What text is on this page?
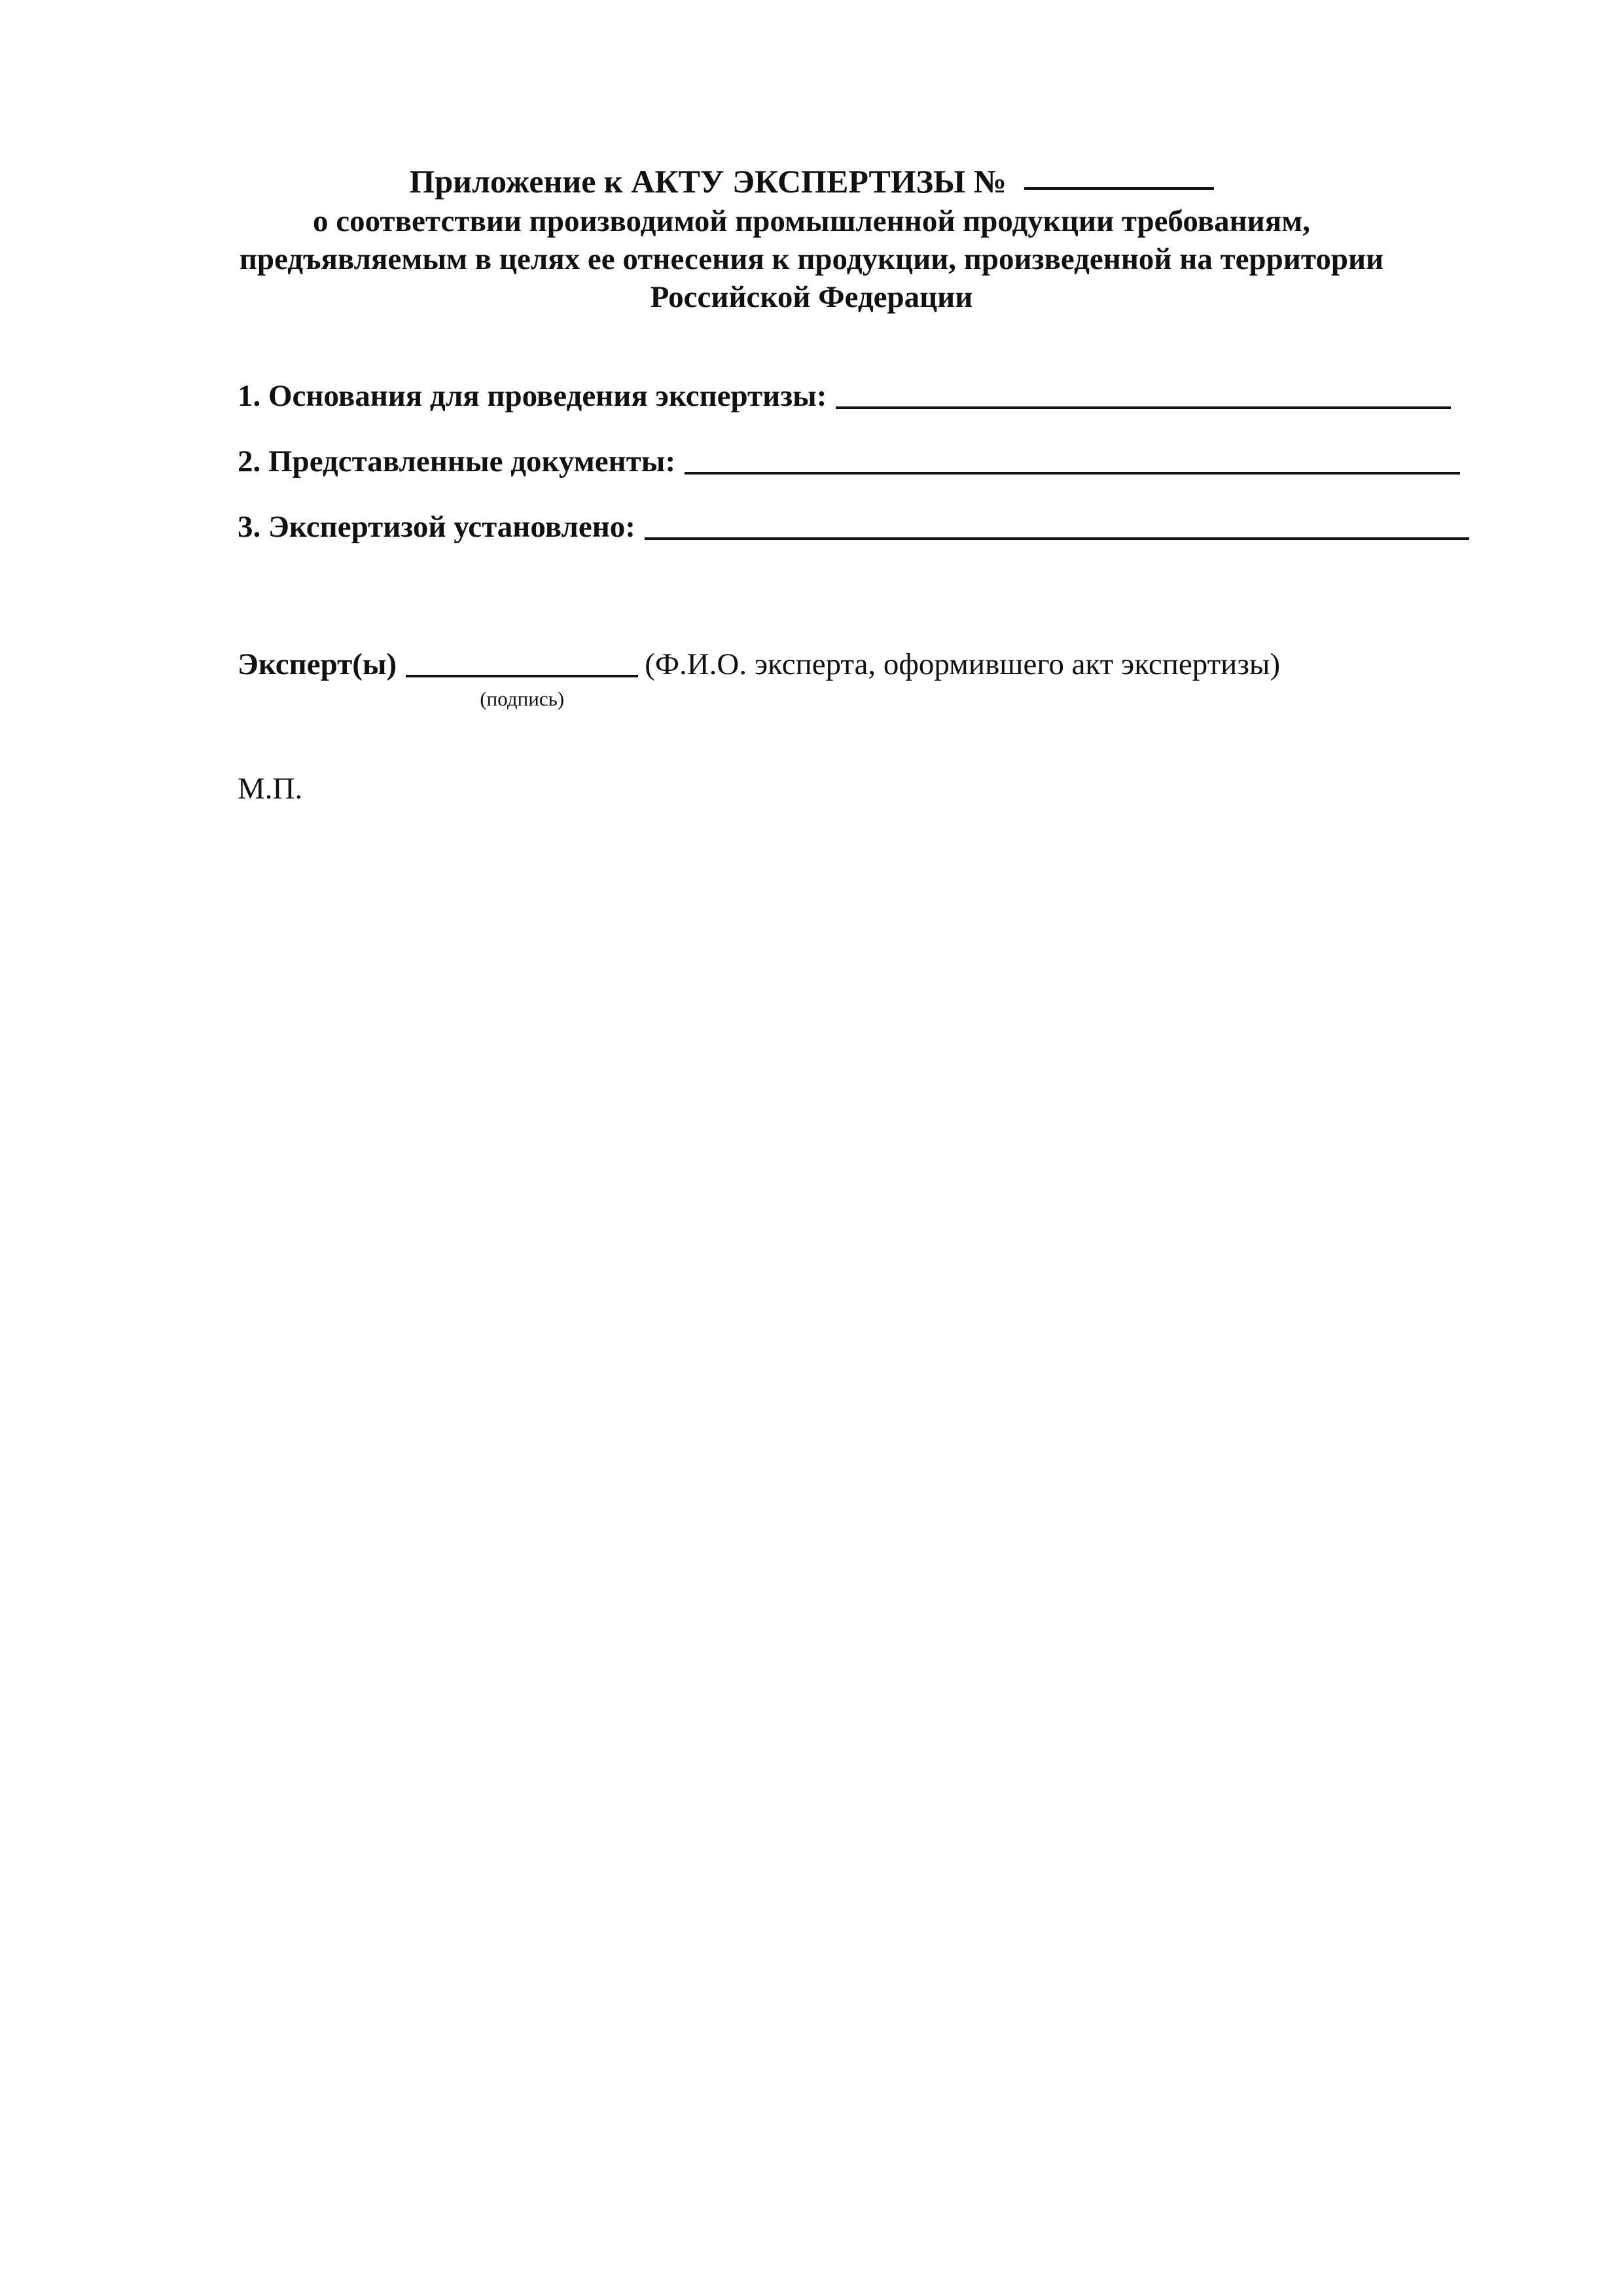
Приложение к АКТУ ЭКСПЕРТИЗЫ №
о соответствии производимой промышленной продукции требованиям,
предъявляемым в целях ее отнесения к продукции, произведенной на территории
Российской Федерации
1. Основания для проведения экспертизы:
2. Представленные документы:
3. Экспертизой установлено:
Эксперт(ы)
(подпись)
(Ф.И.О. эксперта, оформившего акт экспертизы)
М.П.
